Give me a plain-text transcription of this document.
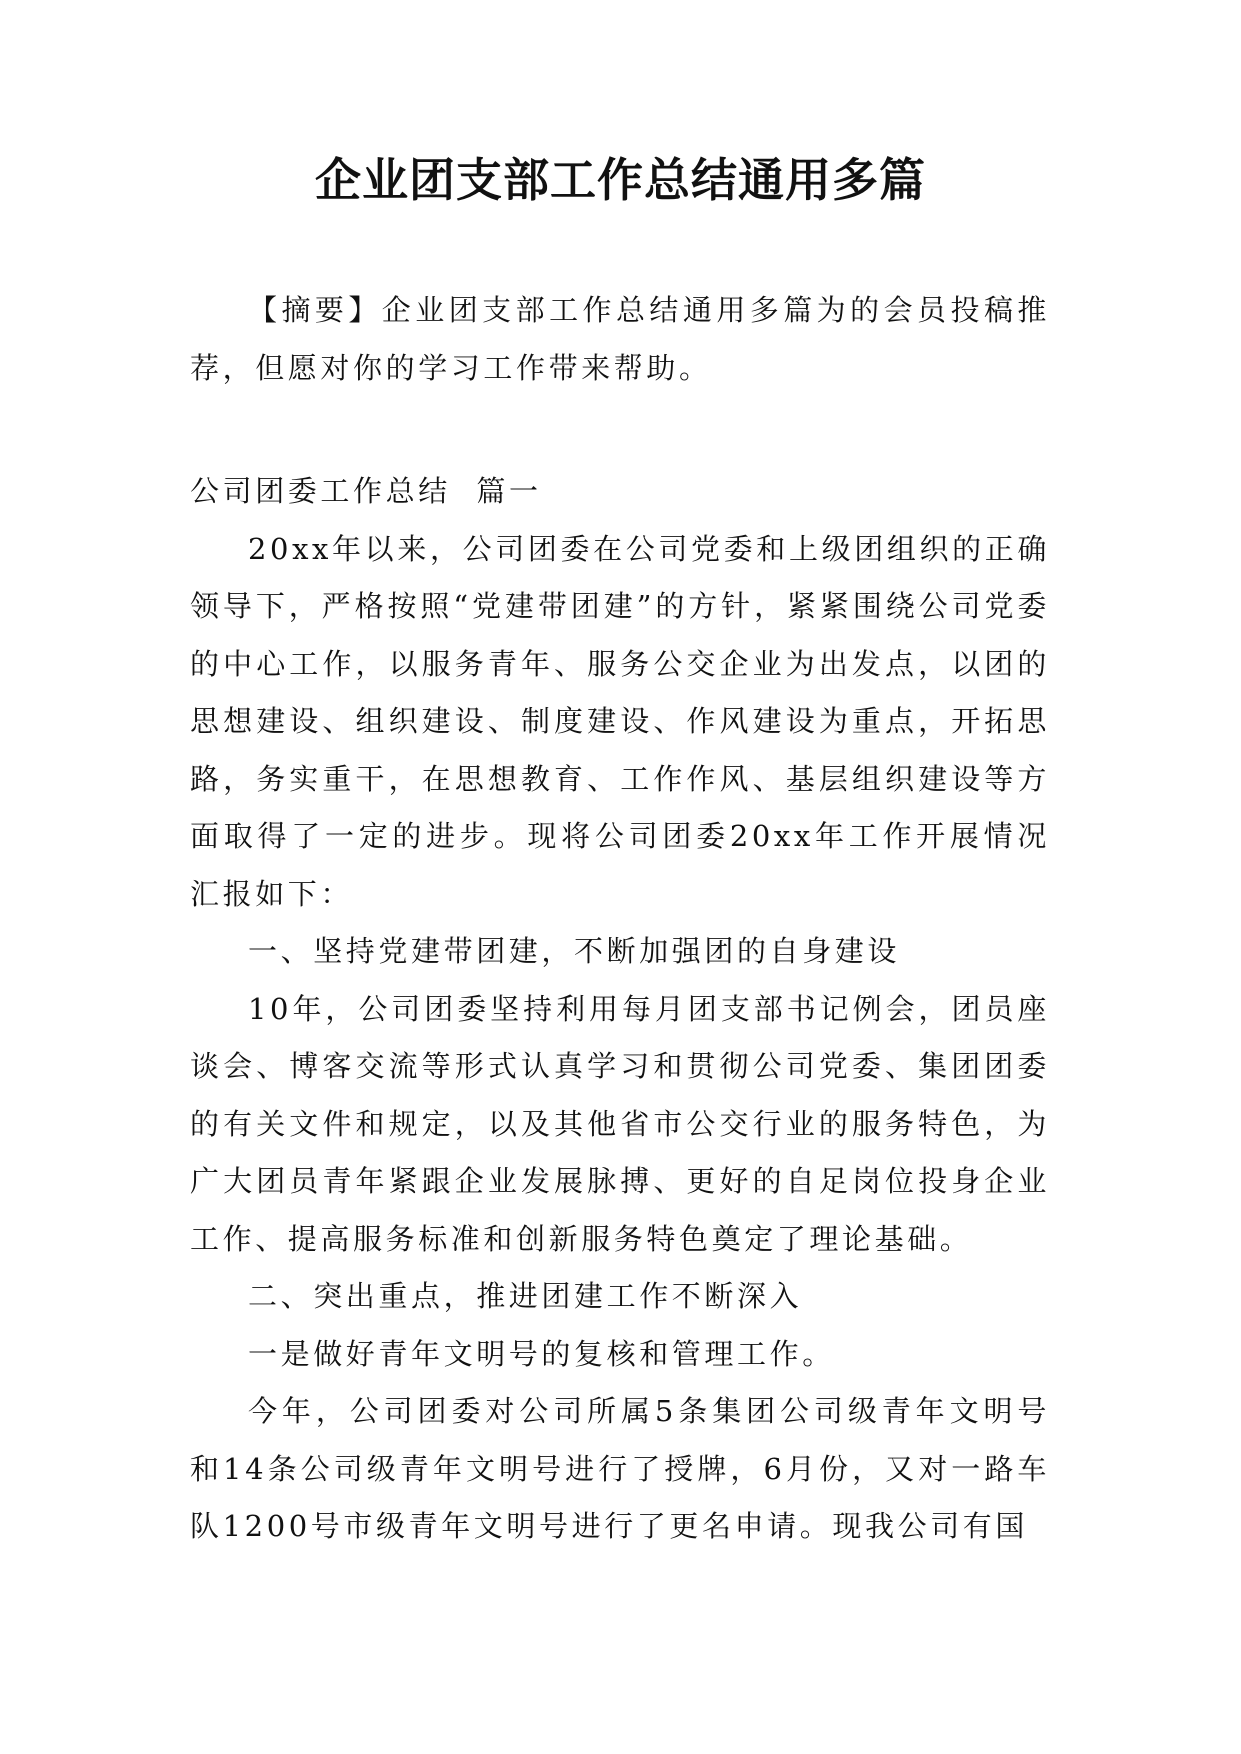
企业团支部工作总结通用多篇

【摘要】企业团支部工作总结通用多篇为的会员投稿推荐，但愿对你的学习工作带来帮助。

公司团委工作总结  篇一

20xx年以来，公司团委在公司党委和上级团组织的正确领导下，严格按照“党建带团建”的方针，紧紧围绕公司党委的中心工作，以服务青年、服务公交企业为出发点，以团的思想建设、组织建设、制度建设、作风建设为重点，开拓思路，务实重干，在思想教育、工作作风、基层组织建设等方面取得了一定的进步。现将公司团委20xx年工作开展情况汇报如下：

一、坚持党建带团建，不断加强团的自身建设

10年，公司团委坚持利用每月团支部书记例会，团员座谈会、博客交流等形式认真学习和贯彻公司党委、集团团委的有关文件和规定，以及其他省市公交行业的服务特色，为广大团员青年紧跟企业发展脉搏、更好的自足岗位投身企业工作、提高服务标准和创新服务特色奠定了理论基础。

二、突出重点，推进团建工作不断深入

一是做好青年文明号的复核和管理工作。

今年，公司团委对公司所属5条集团公司级青年文明号和14条公司级青年文明号进行了授牌，6月份，又对一路车队1200号市级青年文明号进行了更名申请。现我公司有国
